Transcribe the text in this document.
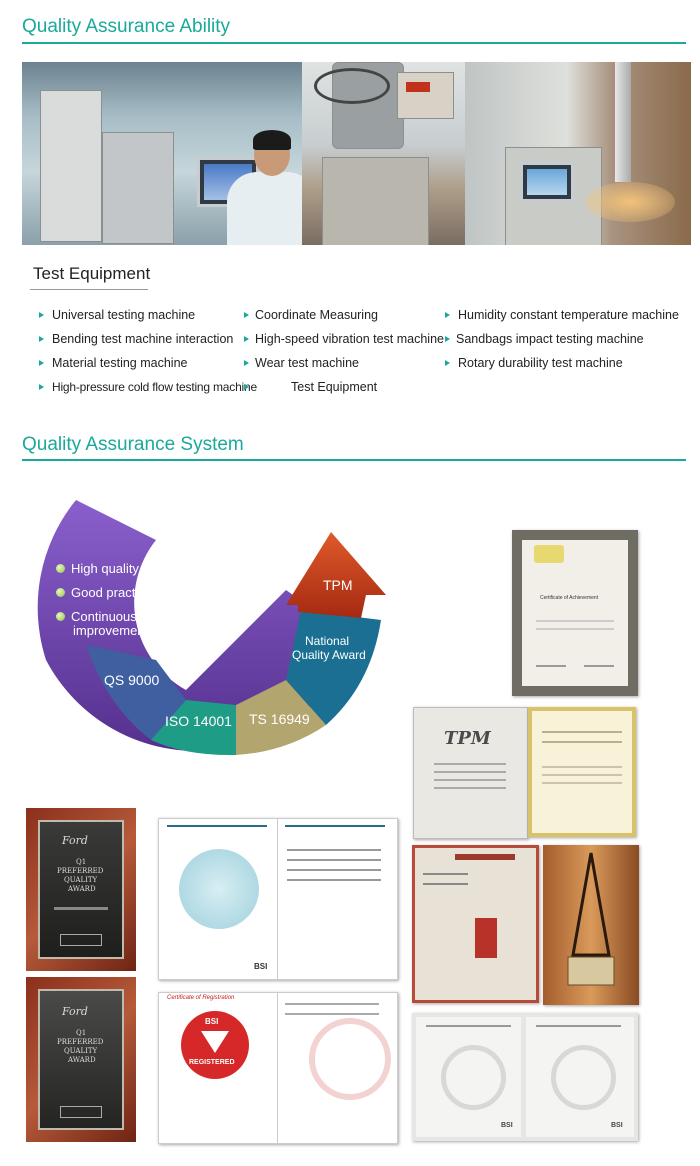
Quality Assurance Ability
Test Equipment
Universal testing machine
Bending test machine interaction
Material testing machine
High-pressure cold flow testing machine
Coordinate Measuring
High-speed vibration test machine
Wear test machine
Test Equipment
Humidity constant temperature machine
Sandbags impact testing machine
Rotary durability test machine
Quality Assurance System
High quality
Good practice
Continuous
improvement
QS 9000
ISO 14001 TS 16949
National
Quality Award
TPM
Certificate of Achievement
TPM
Ford
Q1
PREFERRED
QUALITY
AWARD
Ford
Q1
PREFERRED
QUALITY
AWARD
BSI
Certificate of Registration
BSI
REGISTERED
BSI	BSI
